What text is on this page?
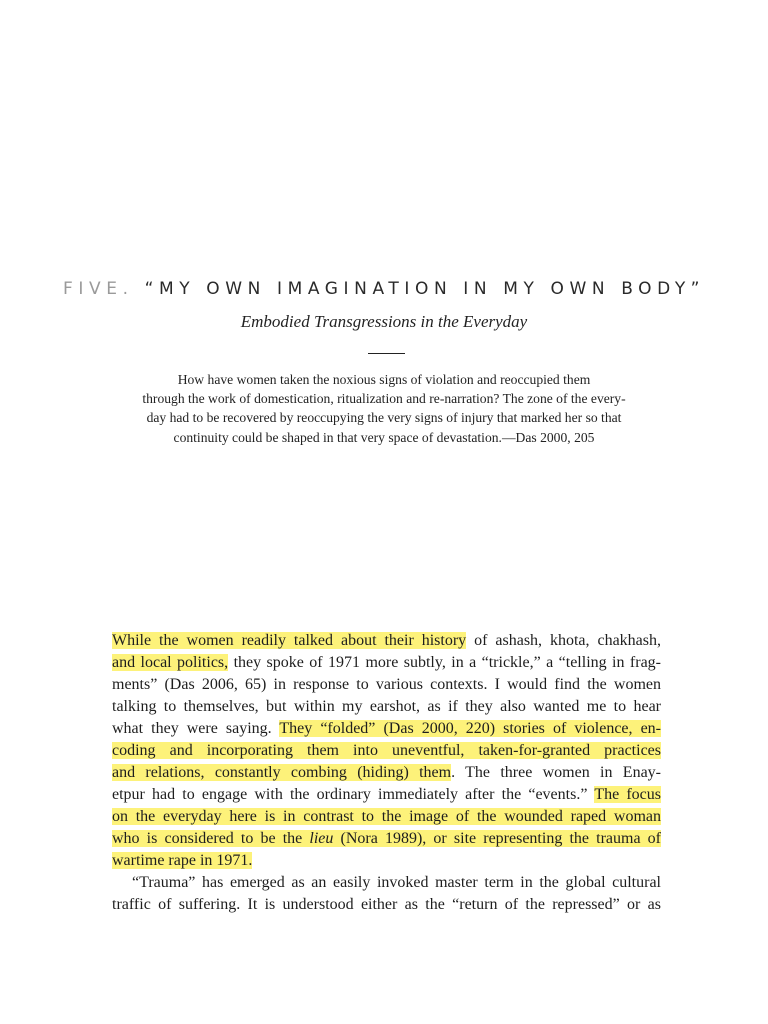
FIVE. “MY OWN IMAGINATION IN MY OWN BODY”
Embodied Transgressions in the Everyday
How have women taken the noxious signs of violation and reoccupied them
through the work of domestication, ritualization and re-narration? The zone of the every-
day had to be recovered by reoccupying the very signs of injury that marked her so that
continuity could be shaped in that very space of devastation.—Das 2000, 205
While the women readily talked about their history of ashash, khota, chakhash,
and local politics, they spoke of 1971 more subtly, in a “trickle,” a “telling in frag-
ments” (Das 2006, 65) in response to various contexts. I would find the women
talking to themselves, but within my earshot, as if they also wanted me to hear
what they were saying. They “folded” (Das 2000, 220) stories of violence, en-
coding and incorporating them into uneventful, taken-for-granted practices
and relations, constantly combing (hiding) them. The three women in Enay-
etpur had to engage with the ordinary immediately after the “events.” The focus
on the everyday here is in contrast to the image of the wounded raped woman
who is considered to be the lieu (Nora 1989), or site representing the trauma of
wartime rape in 1971.
“Trauma” has emerged as an easily invoked master term in the global cultural
traffic of suffering. It is understood either as the “return of the repressed” or as
